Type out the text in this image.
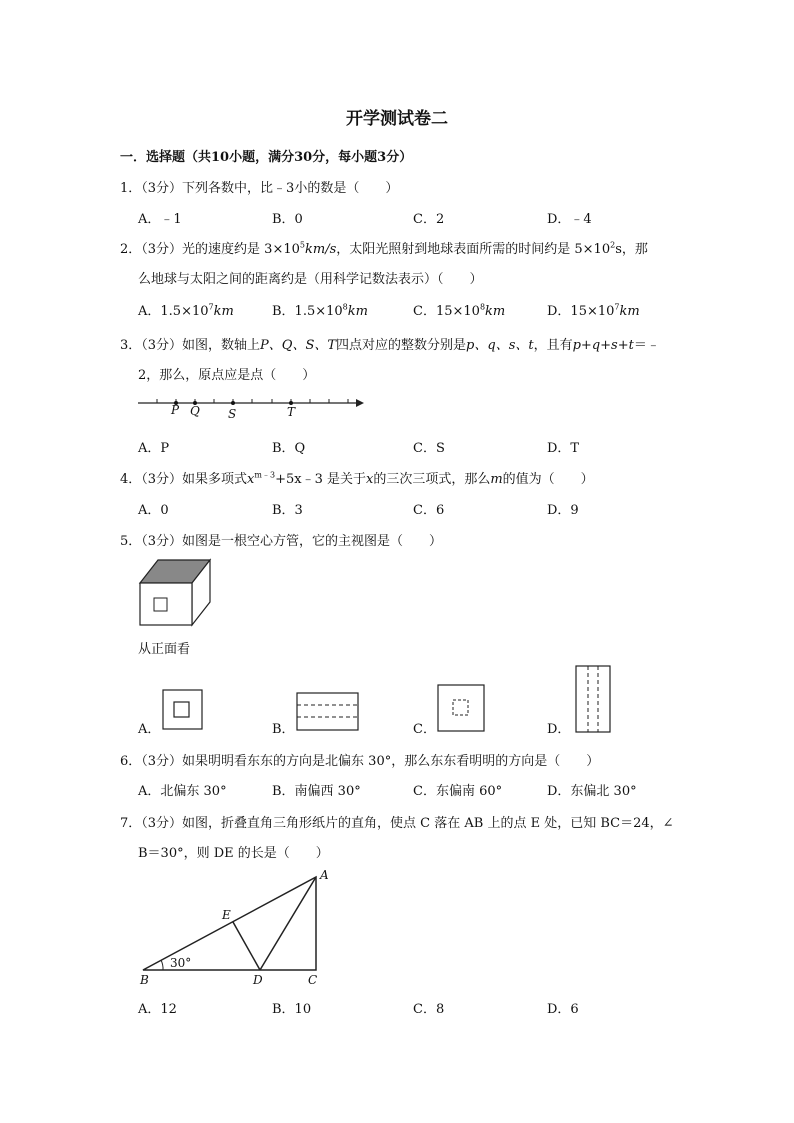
开学测试卷二
一．选择题（共10小题，满分30分，每小题3分）
1．（3分）下列各数中，比﹣3小的数是（　　）
A．﹣1	B．0	C．2	D．﹣4
2．（3分）光的速度约是 $3\times 10^5km/s$，太阳光照射到地球表面所需的时间约是 $5\times 10^2s$，那
么地球与太阳之间的距离约是（用科学记数法表示）（　　）
A．$1.5\times 10^7km$	B．$1.5\times 10^8km$	C．$15\times 10^8km$	D．$15\times 10^7km$
3．（3分）如图，数轴上P、Q、S、T四点对应的整数分别是p、q、s、t，且有p+q+s+t＝﹣
2，那么，原点应是点（　　）
P Q S	T
A．P	B．Q	C．S	D．T
4．（3分）如果多项式$x^{m﹣3}+5x﹣3$ 是关于x的三次三项式，那么m的值为（　　）
A．0	B．3	C．6	D．9
5．（3分）如图是一根空心方管，它的主视图是（　　）
从正面看
A．	B．	C．	D．
6．（3分）如果明明看东东的方向是北偏东 30°，那么东东看明明的方向是（　　）
A．北偏东 30°	B．南偏西 30°	C．东偏南 60°	D．东偏北 30°
7．（3分）如图，折叠直角三角形纸片的直角，使点 C 落在 AB 上的点 E 处，已知 BC＝24，∠
B＝30°，则 DE 的长是（　　）
A
B	C
D
E
30°
A．12	B．10	C．8	D．6
